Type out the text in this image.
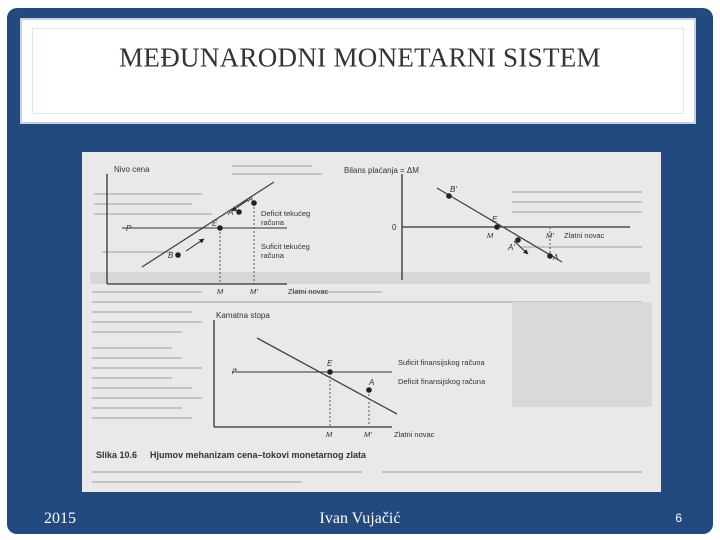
MEĐUNARODNI MONETARNI SISTEM
Nivo cena
P
A
A'
E
B
Deficit tekućeg
računa
Suficit tekućeg
računa
M	M'	Zlatni novac
Bilans plaćanja = ΔM
0
B'
E
A'
A
M	M' Zlatni novac
Kamatna stopa
i*
E
A
Suficit finansijskog računa
Deficit finansijskog računa
M	M'	Zlatni novac
Slika 10.6 Hjumov mehanizam cena–tokovi monetarnog zlata
2015	Ivan Vujačić	6
